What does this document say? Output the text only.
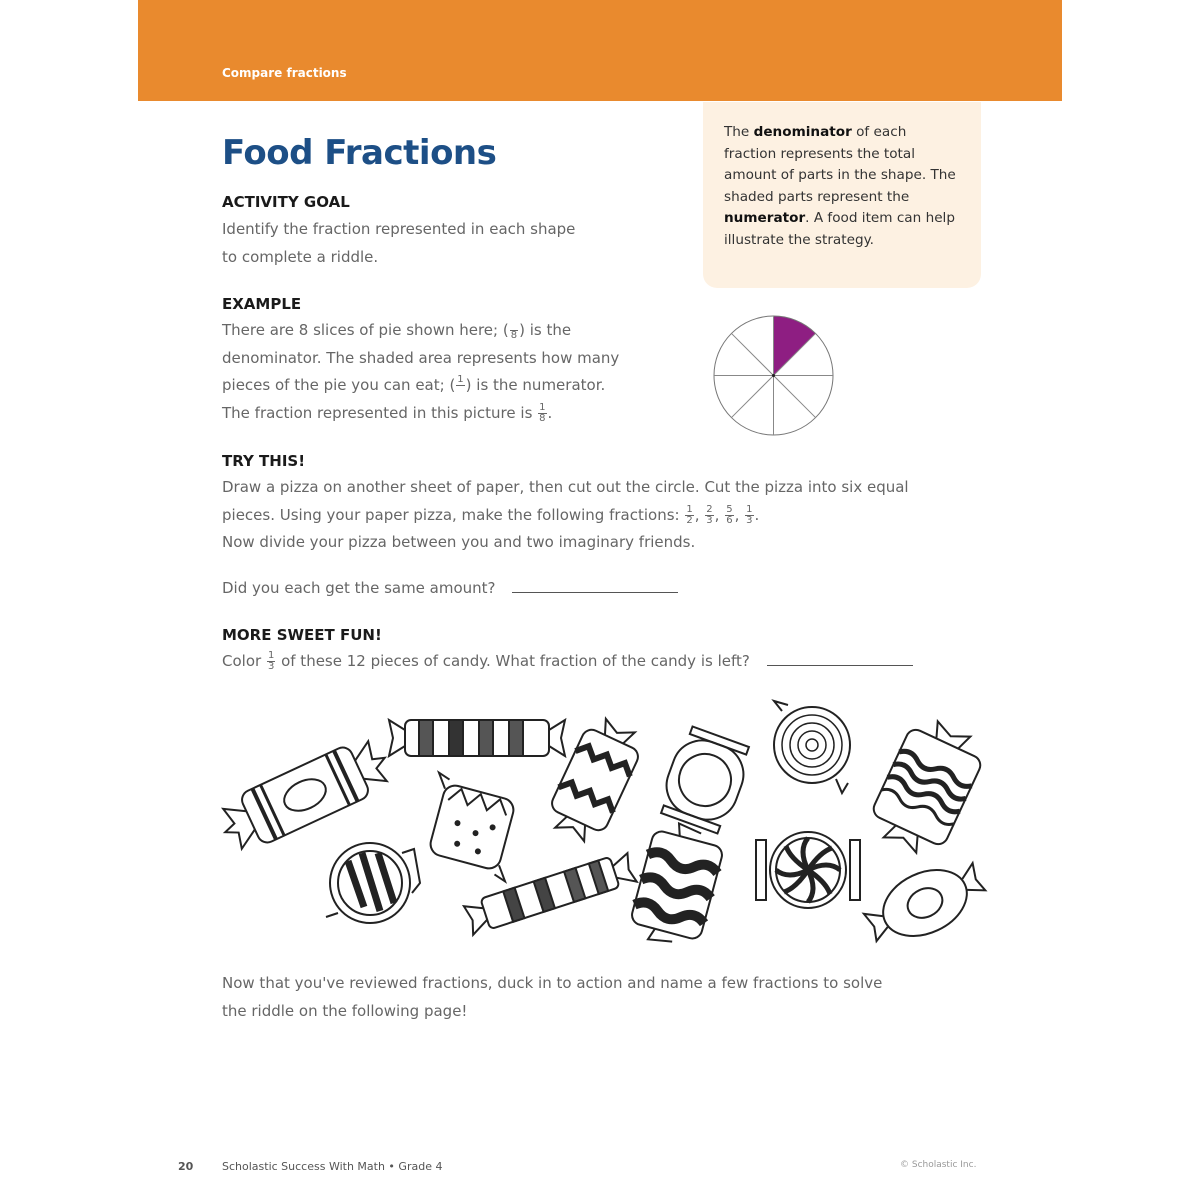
Compare fractions
Food Fractions
The denominator of each fraction represents the total amount of parts in the shape. The shaded parts represent the numerator. A food item can help illustrate the strategy.
ACTIVITY GOAL
Identify the fraction represented in each shape
to complete a riddle.
EXAMPLE
There are 8 slices of pie shown here; (
8 ) is the
denominator. The shaded area represents how many
pieces of the pie you can eat; ( 1
) is the numerator.
The fraction represented in this picture is $\frac{1}{8}$ .
TRY THIS!
Draw a pizza on another sheet of paper, then cut out the circle. Cut the pizza into six equal
pieces. Using your paper pizza, make the following fractions: $\frac{1}{2}$ , $\frac{2}{3}$ , $\frac{5}{6}$ , $\frac{1}{3}$ .
Now divide your pizza between you and two imaginary friends.
Did you each get the same amount?
MORE SWEET FUN!
Color $\frac{1}{3}$ of these 12 pieces of candy. What fraction of the candy is left?
Now that you've reviewed fractions, duck in to action and name a few fractions to solve
the riddle on the following page!
20	Scholastic Success With Math • Grade 4	© Scholastic Inc.
